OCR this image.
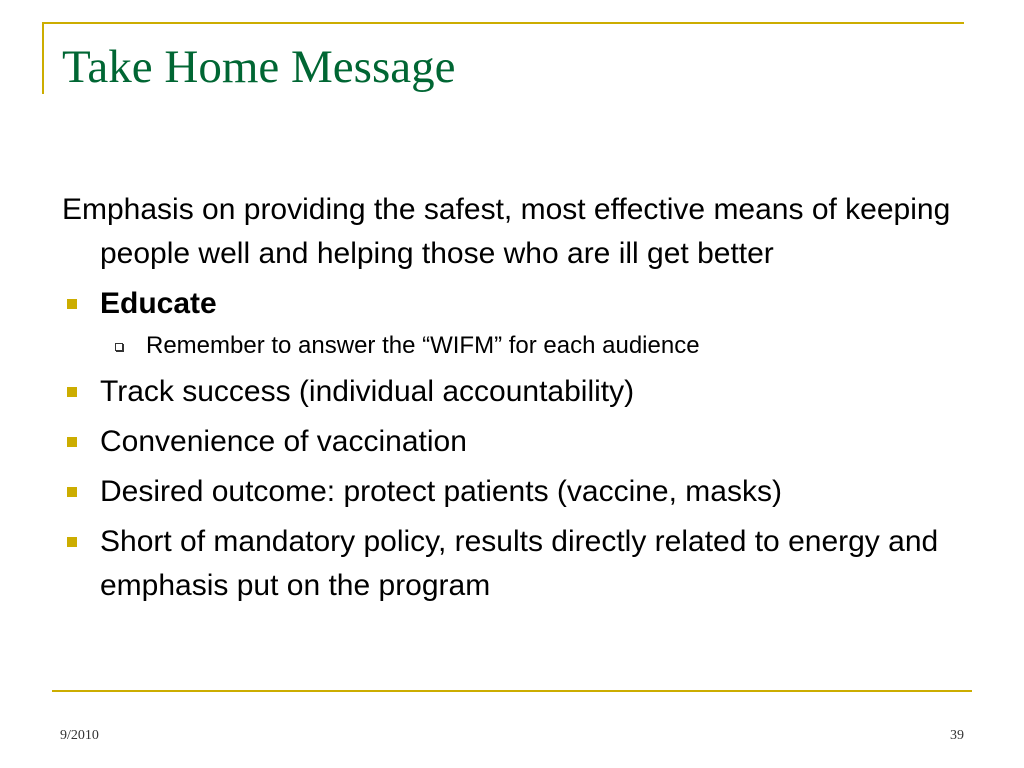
Take Home Message
Emphasis on providing the safest, most effective means of keeping people well and helping those who are ill get better
Educate
Remember to answer the “WIFM” for each audience
Track success (individual accountability)
Convenience of vaccination
Desired outcome: protect patients (vaccine, masks)
Short of mandatory policy, results directly related to energy and emphasis put on the program
9/2010	39
